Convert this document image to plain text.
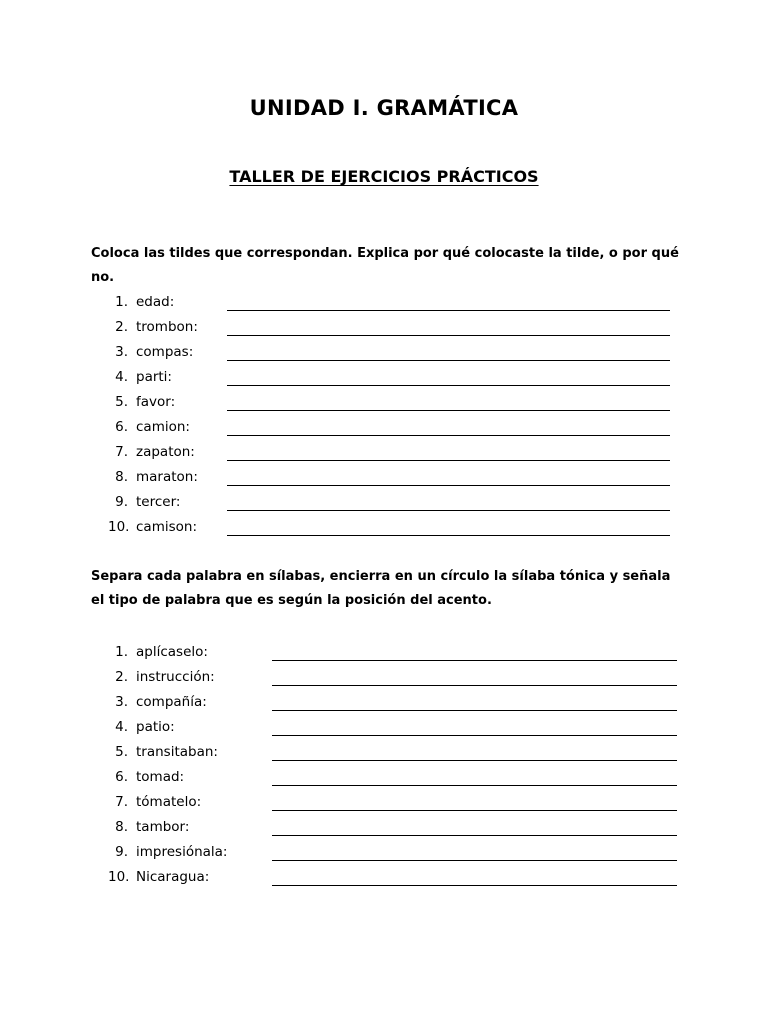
UNIDAD I. GRAMÁTICA
TALLER DE EJERCICIOS PRÁCTICOS
Coloca las tildes que correspondan. Explica por qué colocaste la tilde, o por qué no.
1. edad:
2. trombon:
3. compas:
4. parti:
5. favor:
6. camion:
7. zapaton:
8. maraton:
9. tercer:
10. camison:
Separa cada palabra en sílabas, encierra en un círculo la sílaba tónica y señala el tipo de palabra que es según la posición del acento.
1. aplícaselo:
2. instrucción:
3. compañía:
4. patio:
5. transitaban:
6. tomad:
7. tómatelo:
8. tambor:
9. impresiónala:
10. Nicaragua:
